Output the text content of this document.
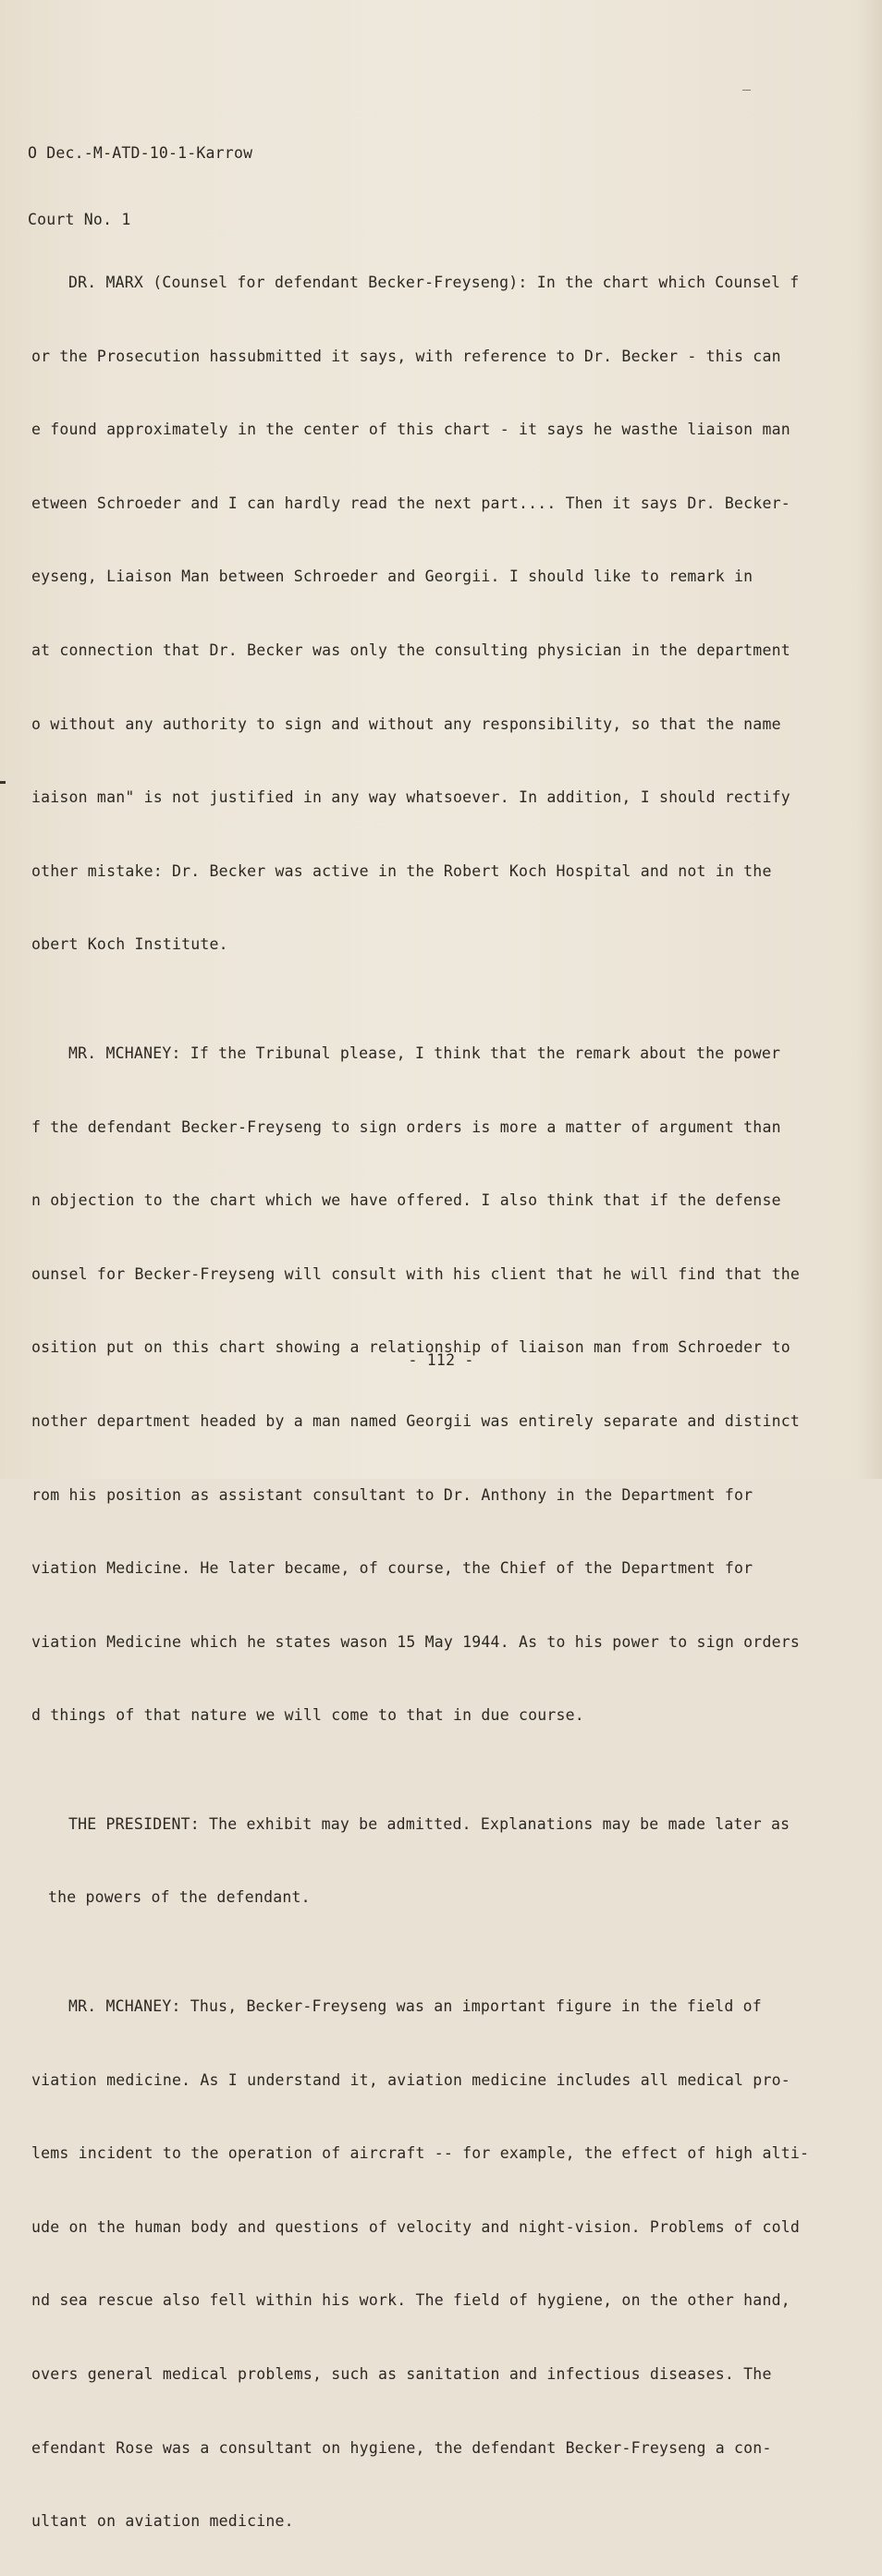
O Dec.-M-ATD-10-1-Karrow

Court No. 1

DR. MARX (Counsel for defendant Becker-Freyseng): In the chart which Counsel f

or the Prosecution hassubmitted it says, with reference to Dr. Becker - this can

e found approximately in the center of this chart - it says he wasthe liaison man

etween Schroeder and I can hardly read the next part.... Then it says Dr. Becker-

eyseng, Liaison Man between Schroeder and Georgii. I should like to remark in

at connection that Dr. Becker was only the consulting physician in the department

o without any authority to sign and without any responsibility, so that the name

iaison man" is not justified in any way whatsoever. In addition, I should rectify

other mistake: Dr. Becker was active in the Robert Koch Hospital and not in the

obert Koch Institute.

MR. MCHANEY: If the Tribunal please, I think that the remark about the power

f the defendant Becker-Freyseng to sign orders is more a matter of argument than

n objection to the chart which we have offered. I also think that if the defense

ounsel for Becker-Freyseng will consult with his client that he will find that the

osition put on this chart showing a relationship of liaison man from Schroeder to

nother department headed by a man named Georgii was entirely separate and distinct

rom his position as assistant consultant to Dr. Anthony in the Department for

viation Medicine. He later became, of course, the Chief of the Department for

viation Medicine which he states wason 15 May 1944. As to his power to sign orders

d things of that nature we will come to that in due course.

THE PRESIDENT: The exhibit may be admitted. Explanations may be made later as

the powers of the defendant.

MR. MCHANEY: Thus, Becker-Freyseng was an important figure in the field of

viation medicine. As I understand it, aviation medicine includes all medical pro-

lems incident to the operation of aircraft -- for example, the effect of high alti-

ude on the human body and questions of velocity and night-vision. Problems of cold

nd sea rescue also fell within his work. The field of hygiene, on the other hand,

overs general medical problems, such as sanitation and infectious diseases. The

efendant Rose was a consultant on hygiene, the defendant Becker-Freyseng a con-

ultant on aviation medicine.

- 112 -
